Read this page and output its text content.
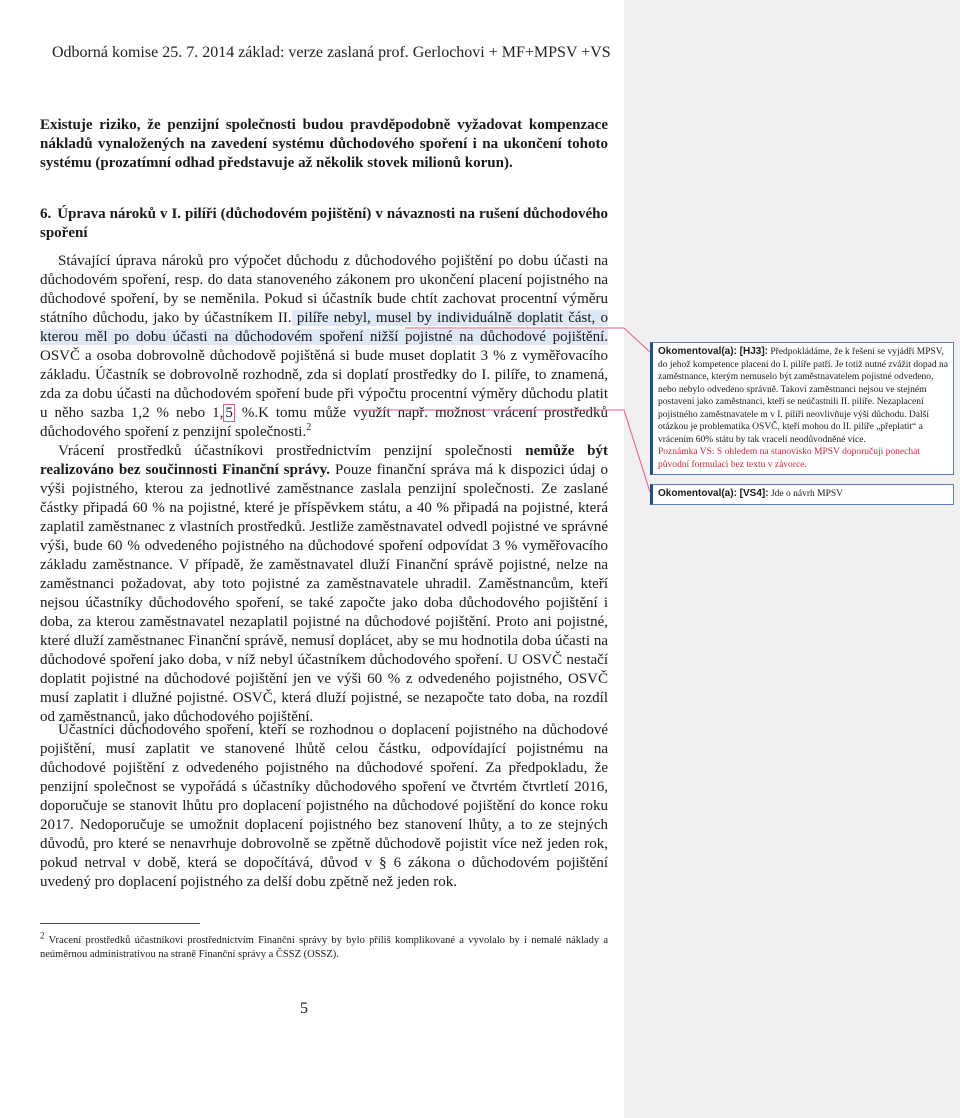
Odborná komise 25. 7. 2014 základ: verze zaslaná prof. Gerlochovi + MF+MPSV +VS
Existuje riziko, že penzijní společnosti budou pravděpodobně vyžadovat kompenzace nákladů vynaložených na zavedení systému důchodového spoření i na ukončení tohoto systému (prozatímní odhad představuje až několik stovek milionů korun).
6. Úprava nároků v I. pilíři (důchodovém pojištění) v návaznosti na rušení důchodového spoření
Stávající úprava nároků pro výpočet důchodu z důchodového pojištění po dobu účasti na důchodovém spoření, resp. do data stanoveného zákonem pro ukončení placení pojistného na důchodové spoření, by se neměnila. Pokud si účastník bude chtít zachovat procentní výměru státního důchodu, jako by účastníkem II. pilíře nebyl, musel by individuálně doplatit část, o kterou měl po dobu účasti na důchodovém spoření nižší pojistné na důchodové pojištění. OSVČ a osoba dobrovolně důchodově pojištěná si bude muset doplatit 3 % z vyměřovacího základu. Účastník se dobrovolně rozhodně, zda si doplatí prostředky do I. pilíře, to znamená, zda za dobu účasti na důchodovém spoření bude při výpočtu procentní výměry důchodu platit u něho sazba 1,2 % nebo 1, 5 %.K tomu může využít např. možnost vrácení prostředků důchodového spoření z penzijní společnosti.$^2$
Vrácení prostředků účastníkovi prostřednictvím penzijní společnosti nemůže být realizováno bez součinnosti Finanční správy. Pouze finanční správa má k dispozici údaj o výši pojistného, kterou za jednotlivé zaměstnance zaslala penzijní společnosti. Ze zaslané částky připadá 60 % na pojistné, které je příspěvkem státu, a 40 % připadá na pojistné, která zaplatil zaměstnanec z vlastních prostředků. Jestliže zaměstnavatel odvedl pojistné ve správné výši, bude 60 % odvedeného pojistného na důchodové spoření odpovídat 3 % vyměřovacího základu zaměstnance. V případě, že zaměstnavatel dluží Finanční správě pojistné, nelze na zaměstnanci požadovat, aby toto pojistné za zaměstnavatele uhradil. Zaměstnancům, kteří nejsou účastníky důchodového spoření, se také započte jako doba důchodového pojištění i doba, za kterou zaměstnavatel nezaplatil pojistné na důchodové pojištění. Proto ani pojistné, které dluží zaměstnanec Finanční správě, nemusí doplácet, aby se mu hodnotila doba účasti na důchodové spoření jako doba, v níž nebyl účastníkem důchodového spoření. U OSVČ nestačí doplatit pojistné na důchodové pojištění jen ve výši 60 % z odvedeného pojistného, OSVČ musí zaplatit i dlužné pojistné. OSVČ, která dluží pojistné, se nezapočte tato doba, na rozdíl od zaměstnanců, jako důchodového pojištění.
Účastníci důchodového spoření, kteří se rozhodnou o doplacení pojistného na důchodové pojištění, musí zaplatit ve stanovené lhůtě celou částku, odpovídající pojistnému na důchodové pojištění z odvedeného pojistného na důchodové spoření. Za předpokladu, že penzijní společnost se vypořádá s účastníky důchodového spoření ve čtvrtém čtvrtletí 2016, doporučuje se stanovit lhůtu pro doplacení pojistného na důchodové pojištění do konce roku 2017. Nedoporučuje se umožnit doplacení pojistného bez stanovení lhůty, a to ze stejných důvodů, pro které se nenavrhuje dobrovolně se zpětně důchodově pojistit více než jeden rok, pokud netrval v době, která se dopočítává, důvod v § 6 zákona o důchodovém pojištění uvedený pro doplacení pojistného za delší dobu zpětně než jeden rok.
$^2$ Vracení prostředků účastníkovi prostřednictvím Finanční správy by bylo příliš komplikované a vyvolalo by i nemalé náklady a neúměrnou administrativou na straně Finanční správy a ČSSZ (OSSZ).
5
Okomentoval(a): [HJ3]: Předpokládáme, že k řešení se vyjádří MPSV, do jehož kompetence placení do I. pilíře patří. Je totiž nutné zvážit dopad na zaměstnance, kterým nemuselo být zaměstnavatelem pojistné odvedeno, nebo nebylo odvedeno správně. Takoví zaměstnanci nejsou ve stejném postavení jako zaměstnanci, kteří se neúčastnili II. pilíře. Nezaplacení pojistného zaměstnavatele m v I. pilíři neovlivňuje výši důchodu. Další otázkou je problematika OSVČ, kteří mohou do II. pilíře „přeplatit“ a vrácením 60% státu by tak vracelí neodůvodněné více.
Poznámka VS: S ohledem na stanovisko MPSV doporučuji ponechat původní formulaci bez textu v závorce.
Okomentoval(a): [VS4]: Jde o návrh MPSV
